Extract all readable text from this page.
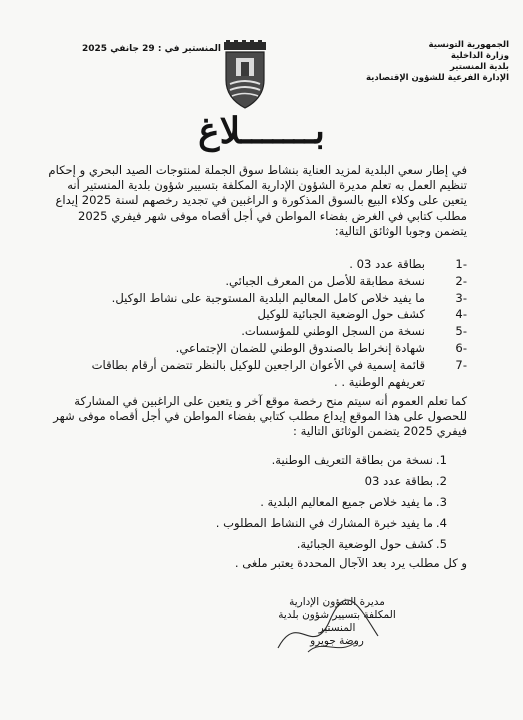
الجمهورية التونسية
وزارة الداخلية
بلدية المنستير
الإدارة الفرعية للشؤون الإقتصادية
المنستير في : 29 جانفي 2025
بـــــــلاغ
في إطار سعي البلدية لمزيد العناية بنشاط سوق الجملة لمنتوجات الصيد البحري و إحكام تنظيم العمل به تعلم مديرة الشؤون الإدارية المكلفة بتسيير شؤون بلدية المنستير أنه يتعين على وكلاء البيع بالسوق المذكورة و الراغبين في تجديد رخصهم لسنة 2025 إيداع مطلب كتابي في الغرض بفضاء المواطن في أجل أقصاه موفى شهر فيفري 2025 يتضمن وجوبا الوثائق التالية:
-1
بطاقة عدد 03 .
-2
نسخة مطابقة للأصل من المعرف الجبائي.
-3
ما يفيد خلاص كامل المعاليم البلدية المستوجبة على نشاط الوكيل.
-4
كشف حول الوضعية الجبائية للوكيل
-5
نسخة من السجل الوطني للمؤسسات.
-6
شهادة إنخراط بالصندوق الوطني للضمان الإجتماعي.
-7
قائمة إسمية في الأعوان الراجعين للوكيل بالنظر تتضمن أرقام بطاقات
تعريفهم الوطنية . .
كما تعلم العموم أنه سيتم منح رخصة موقع آخر و يتعين على الراغبين في المشاركة للحصول على هذا الموقع إيداع مطلب كتابي بفضاء المواطن في أجل أقصاه موفى شهر فيفري 2025 يتضمن الوثائق التالية :
1.
نسخة من بطاقة التعريف الوطنية.
2.
بطاقة عدد 03
3.
ما يفيد خلاص جميع المعاليم البلدية .
4.
ما يفيد خبرة المشارك في النشاط المطلوب .
5.
كشف حول الوضعية الجبائية.
و كل مطلب يرد بعد الآجال المحددة يعتبر ملغى .
مديرة الشؤون الإدارية
المكلفة بتسيير شؤون بلدية المنستير
روضة جويرو
